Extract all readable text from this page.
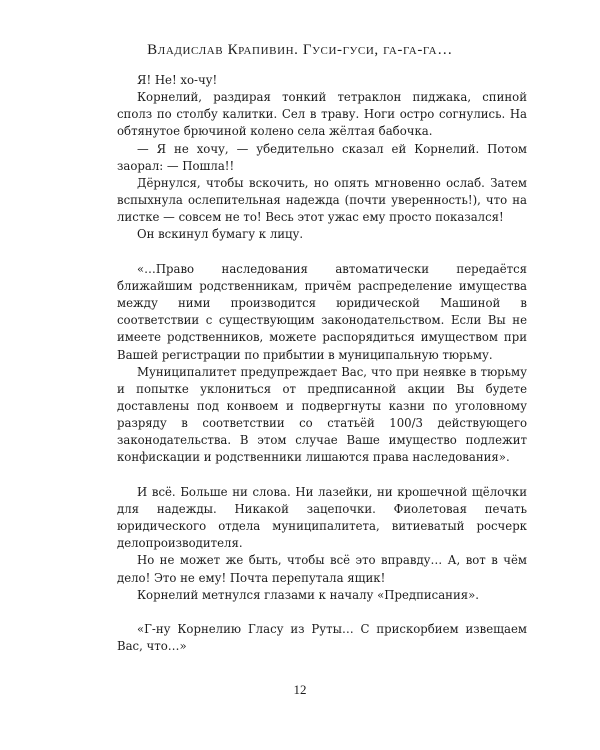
Владислав Крапивин. Гуси-гуси, га-га-га…

Я! Не! хо-чу!

Корнелий, раздирая тонкий тетраклон пиджака, спиной сполз по столбу калитки. Сел в траву. Ноги остро согнулись. На обтянутое брючиной колено села жёлтая бабочка.

— Я не хочу, — убедительно сказал ей Корнелий. Потом заорал: — Пошла!!

Дёрнулся, чтобы вскочить, но опять мгновенно ослаб. Затем вспыхнула ослепительная надежда (почти уверенность!), что на листке — совсем не то! Весь этот ужас ему просто показался!

Он вскинул бумагу к лицу.

«…Право наследования автоматически передаётся ближайшим родственникам, причём распределение имущества между ними производится юридической Машиной в соответствии с существующим законодательством. Если Вы не имеете родственников, можете распорядиться имуществом при Вашей регистрации по прибытии в муниципальную тюрьму.

Муниципалитет предупреждает Вас, что при неявке в тюрьму и попытке уклониться от предписанной акции Вы будете доставлены под конвоем и подвергнуты казни по уголовному разряду в соответствии со статьёй 100/3 действующего законодательства. В этом случае Ваше имущество подлежит конфискации и родственники лишаются права наследования».

И всё. Больше ни слова. Ни лазейки, ни крошечной щёлочки для надежды. Никакой зацепочки. Фиолетовая печать юридического отдела муниципалитета, витиеватый росчерк делопроизводителя.

Но не может же быть, чтобы всё это вправду… А, вот в чём дело! Это не ему! Почта перепутала ящик!

Корнелий метнулся глазами к началу «Предписания».

«Г-ну Корнелию Гласу из Руты… С прискорбием извещаем Вас, что…»

12
